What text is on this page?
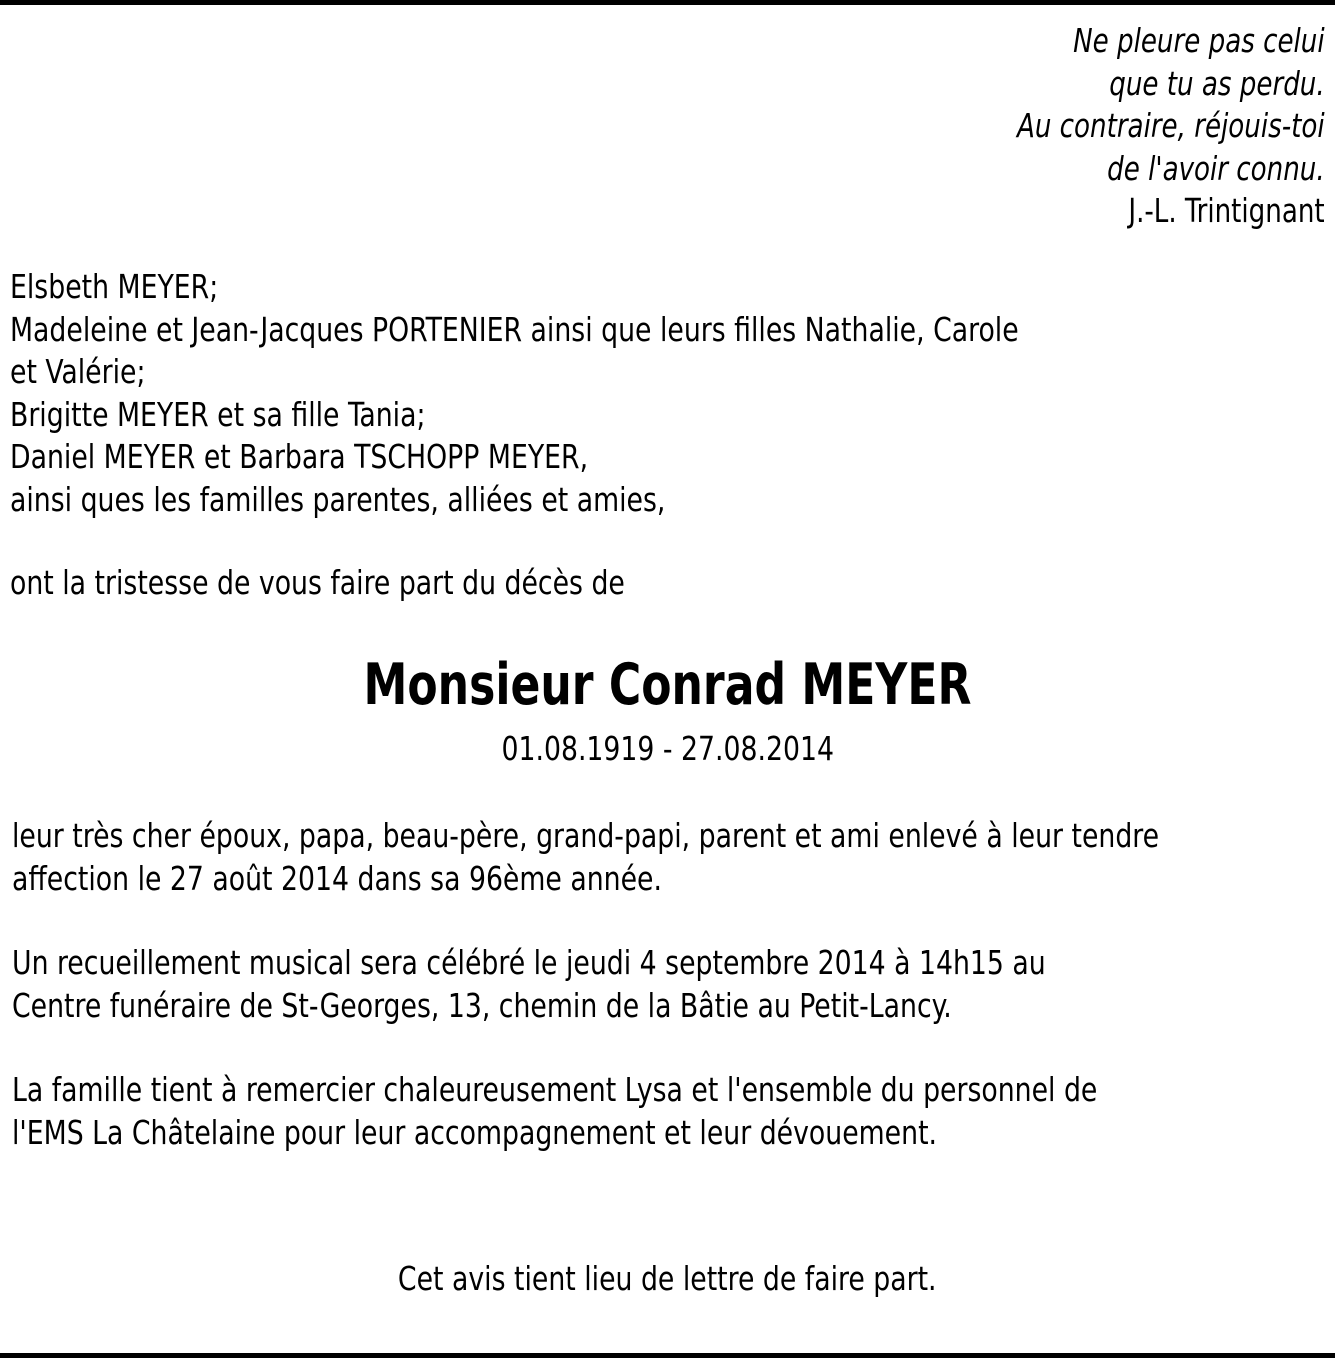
Ne pleure pas celui
que tu as perdu.
Au contraire, réjouis-toi
de l'avoir connu.
J.-L. Trintignant
Elsbeth MEYER;
Madeleine et Jean-Jacques PORTENIER ainsi que leurs filles Nathalie, Carole
et Valérie;
Brigitte MEYER et sa fille Tania;
Daniel MEYER et Barbara TSCHOPP MEYER,
ainsi ques les familles parentes, alliées et amies,
ont la tristesse de vous faire part du décès de
Monsieur Conrad MEYER
01.08.1919 - 27.08.2014
leur très cher époux, papa, beau-père, grand-papi, parent et ami enlevé à leur tendre
affection le 27 août 2014 dans sa 96ème année.
Un recueillement musical sera célébré le jeudi 4 septembre 2014 à 14h15 au
Centre funéraire de St-Georges, 13, chemin de la Bâtie au Petit-Lancy.
La famille tient à remercier chaleureusement Lysa et l'ensemble du personnel de
l'EMS La Châtelaine pour leur accompagnement et leur dévouement.
Cet avis tient lieu de lettre de faire part.
